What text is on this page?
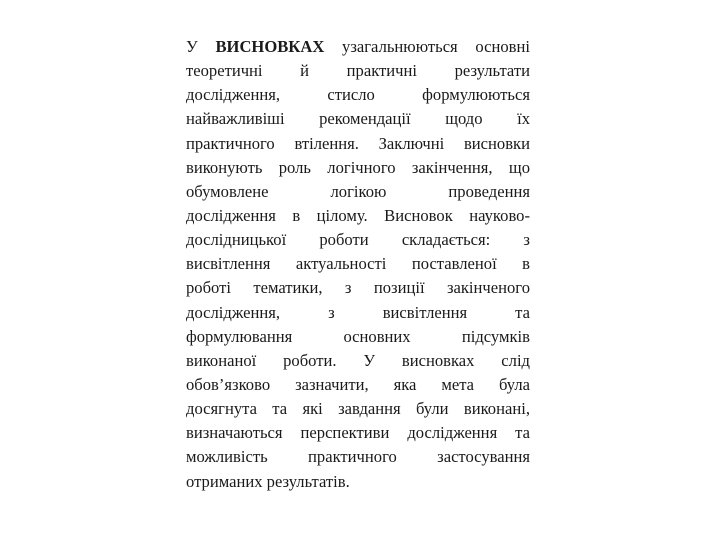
У ВИСНОВКАХ узагальнюються основні
теоретичні й практичні результати
дослідження, стисло формулюються
найважливіші рекомендації щодо їх
практичного втілення. Заключні висновки
виконують роль логічного закінчення, що
обумовлене логікою проведення
дослідження в цілому. Висновок науково-
дослідницької роботи складається: з
висвітлення актуальності поставленої в
роботі тематики, з позиції закінченого
дослідження, з висвітлення та
формулювання основних підсумків
виконаної роботи. У висновках слід
обов’язково зазначити, яка мета була
досягнута та які завдання були виконані,
визначаються перспективи дослідження та
можливість практичного застосування
отриманих результатів.
